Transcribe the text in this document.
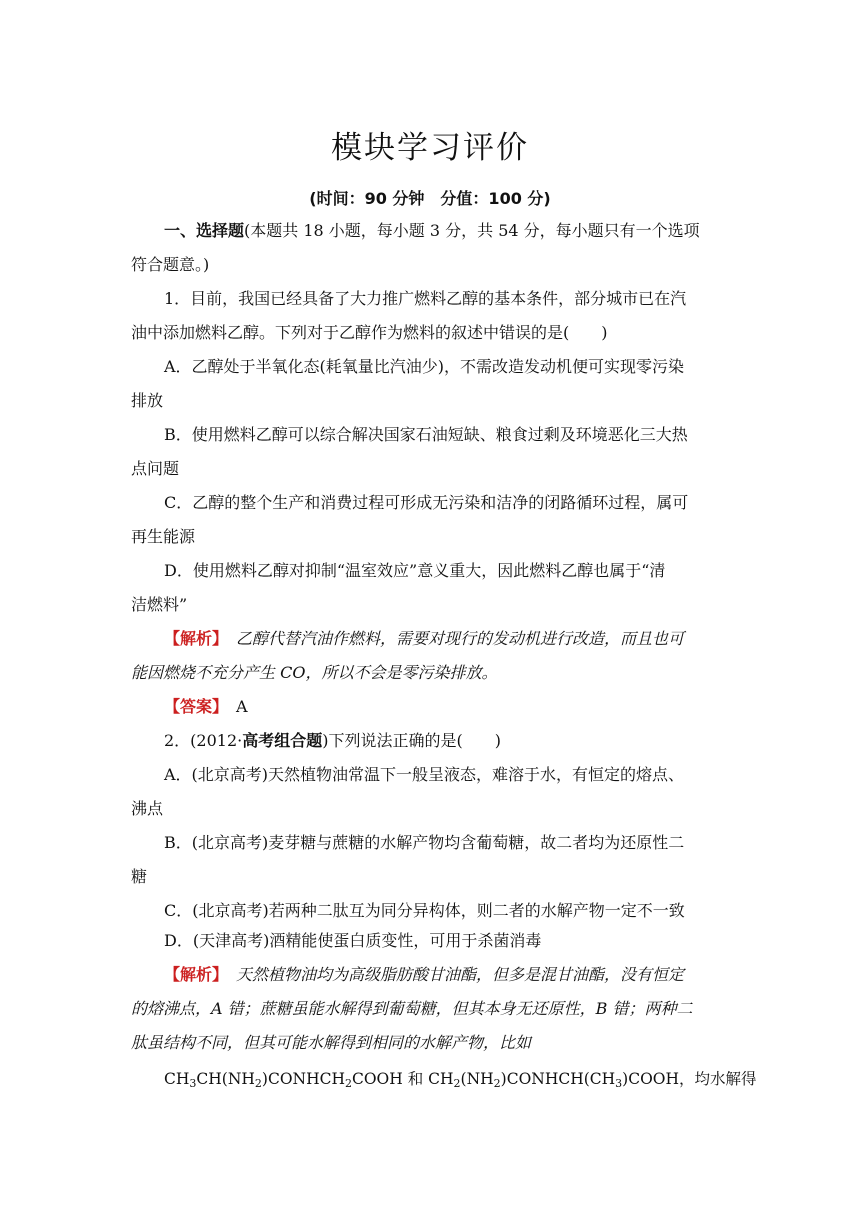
模块学习评价
(时间：90 分钟　分值：100 分)
一、选择题(本题共 18 小题，每小题 3 分，共 54 分，每小题只有一个选项
符合题意。)
1．目前，我国已经具备了大力推广燃料乙醇的基本条件，部分城市已在汽
油中添加燃料乙醇。下列对于乙醇作为燃料的叙述中错误的是(　　)
A．乙醇处于半氧化态(耗氧量比汽油少)，不需改造发动机便可实现零污染
排放
B．使用燃料乙醇可以综合解决国家石油短缺、粮食过剩及环境恶化三大热
点问题
C．乙醇的整个生产和消费过程可形成无污染和洁净的闭路循环过程，属可
再生能源
D．使用燃料乙醇对抑制“温室效应”意义重大，因此燃料乙醇也属于“清
洁燃料”
【解析】　乙醇代替汽油作燃料，需要对现行的发动机进行改造，而且也可
能因燃烧不充分产生 CO，所以不会是零污染排放。
【答案】　A
2．(2012·高考组合题)下列说法正确的是(　　)
A．(北京高考)天然植物油常温下一般呈液态，难溶于水，有恒定的熔点、
沸点
B．(北京高考)麦芽糖与蔗糖的水解产物均含葡萄糖，故二者均为还原性二
糖
C．(北京高考)若两种二肽互为同分异构体，则二者的水解产物一定不一致
D．(天津高考)酒精能使蛋白质变性，可用于杀菌消毒
【解析】　天然植物油均为高级脂肪酸甘油酯，但多是混甘油酯，没有恒定
的熔沸点，A 错；蔗糖虽能水解得到葡萄糖，但其本身无还原性，B 错；两种二
肽虽结构不同，但其可能水解得到相同的水解产物，比如
$CH_3CH(NH_2)CONHCH_2COOH$ 和 $CH_2(NH_2)CONHCH(CH_3)COOH$，均水解得
